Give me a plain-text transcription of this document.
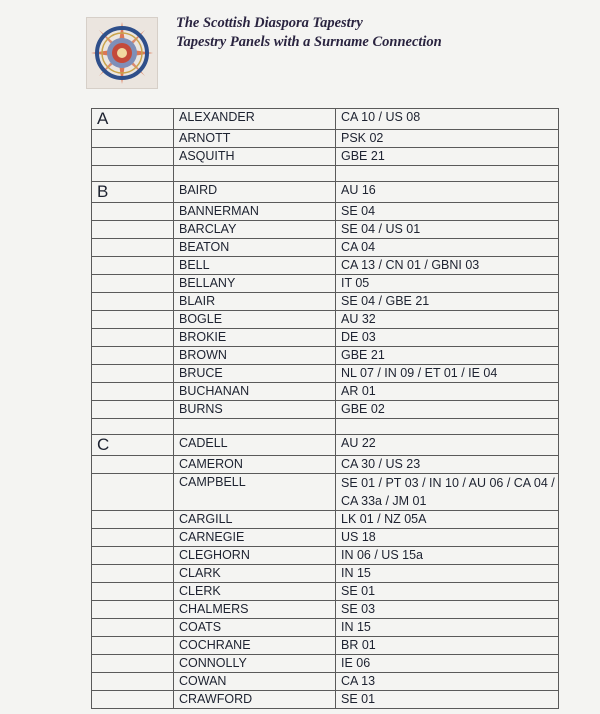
The Scottish Diaspora Tapestry
Tapestry Panels with a Surname Connection
A	ALEXANDER	CA 10 / US 08
	ARNOTT	PSK 02
	ASQUITH	GBE 21

B	BAIRD	AU 16
	BANNERMAN	SE 04
	BARCLAY	SE 04 / US 01
	BEATON	CA 04
	BELL	CA 13 / CN 01 / GBNI 03
	BELLANY	IT 05
	BLAIR	SE 04 / GBE 21
	BOGLE	AU 32
	BROKIE	DE 03
	BROWN	GBE 21
	BRUCE	NL 07 / IN 09 / ET 01 / IE 04
	BUCHANAN	AR 01
	BURNS	GBE 02

C	CADELL	AU 22
	CAMERON	CA 30 / US 23
	CAMPBELL	SE 01 / PT 03 / IN 10 / AU 06 / CA 04 / CA 33a / JM 01
	CARGILL	LK 01 / NZ 05A
	CARNEGIE	US 18
	CLEGHORN	IN 06 / US 15a
	CLARK	IN 15
	CLERK	SE 01
	CHALMERS	SE 03
	COATS	IN 15
	COCHRANE	BR 01
	CONNOLLY	IE 06
	COWAN	CA 13
	CRAWFORD	SE 01
